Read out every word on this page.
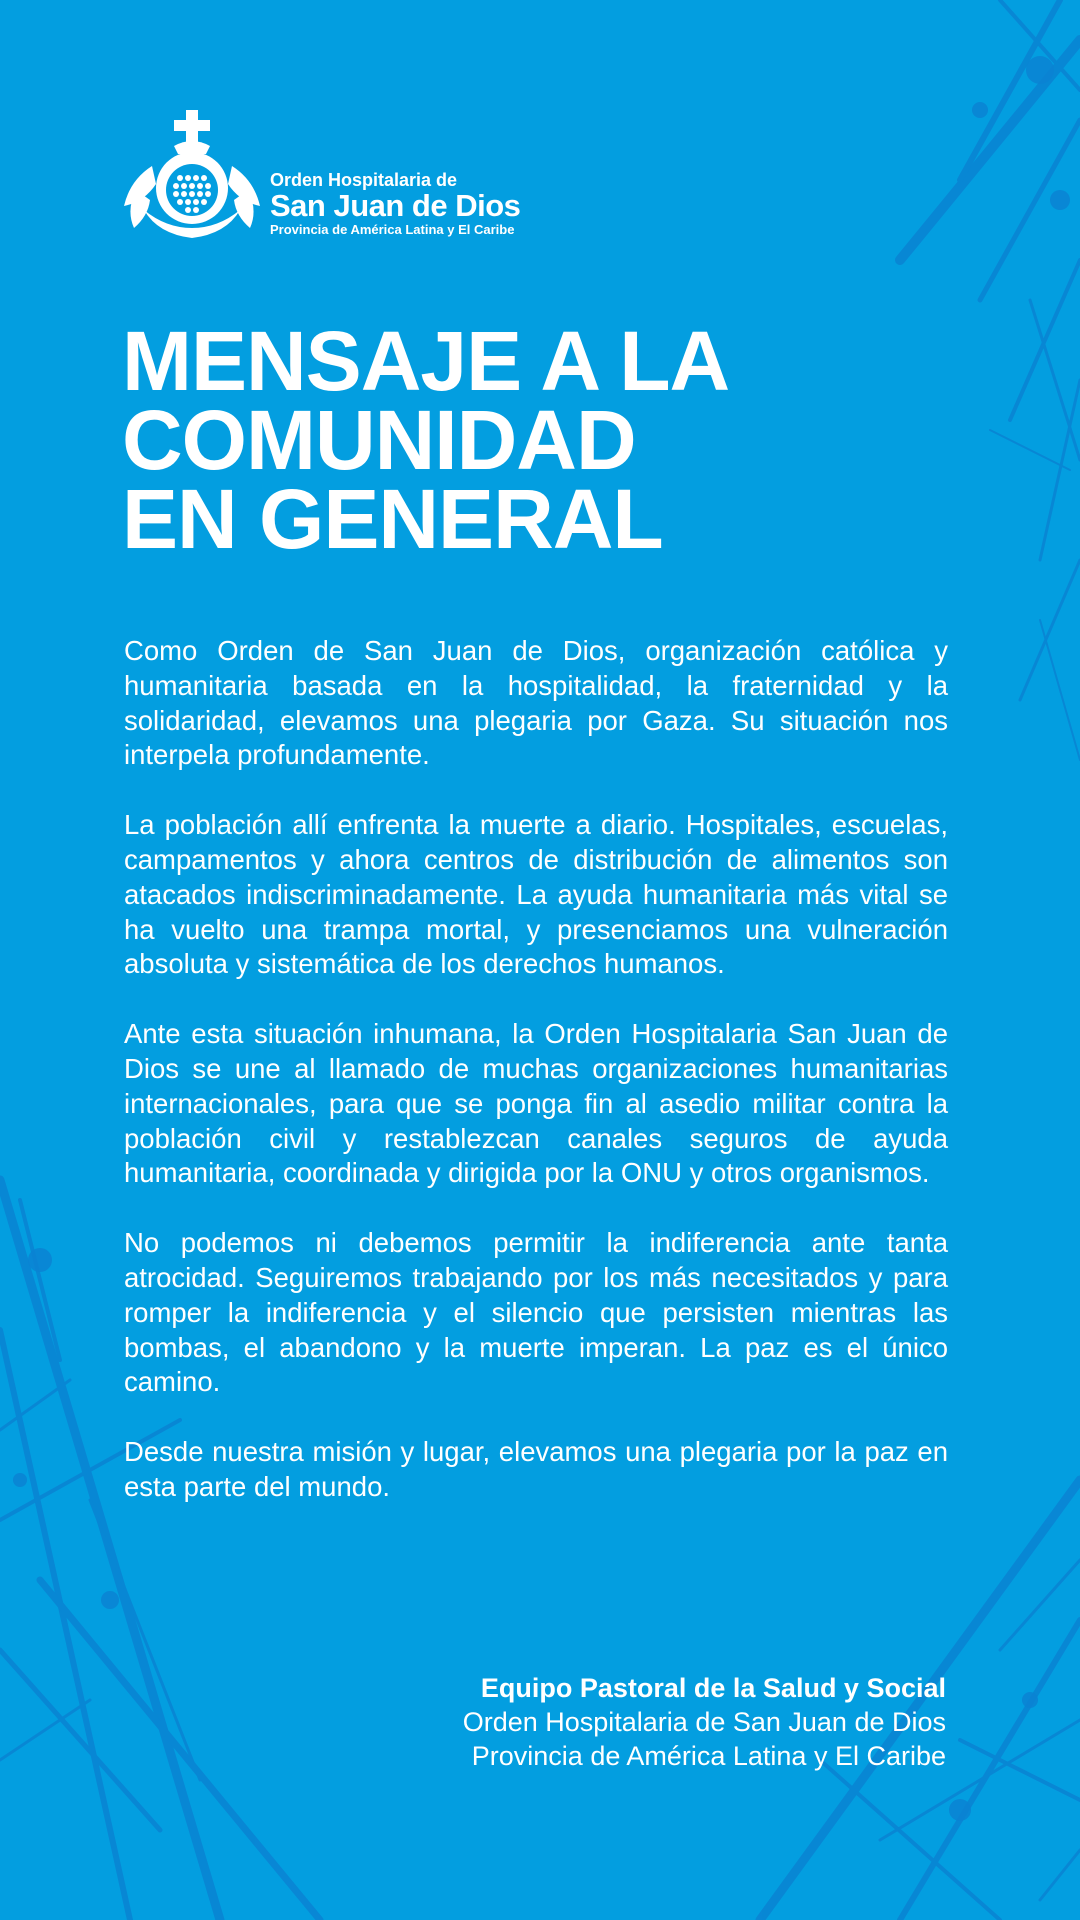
Orden Hospitalaria de
San Juan de Dios
Provincia de América Latina y El Caribe
MENSAJE A LA
COMUNIDAD
EN GENERAL

Como Orden de San Juan de Dios, organización católica y humanitaria basada en la hospitalidad, la fraternidad y la solidaridad, elevamos una plegaria por Gaza. Su situación nos interpela profundamente.

La población allí enfrenta la muerte a diario. Hospitales, escuelas, campamentos y ahora centros de distribución de alimentos son atacados indiscriminadamente. La ayuda humanitaria más vital se ha vuelto una trampa mortal, y presenciamos una vulneración absoluta y sistemática de los derechos humanos.

Ante esta situación inhumana, la Orden Hospitalaria San Juan de Dios se une al llamado de muchas organizaciones humanitarias internacionales, para que se ponga fin al asedio militar contra la población civil y restablezcan canales seguros de ayuda humanitaria, coordinada y dirigida por la ONU y otros organismos.

No podemos ni debemos permitir la indiferencia ante tanta atrocidad. Seguiremos trabajando por los más necesitados y para romper la indiferencia y el silencio que persisten mientras las bombas, el abandono y la muerte imperan. La paz es el único camino.

Desde nuestra misión y lugar, elevamos una plegaria por la paz en esta parte del mundo.

Equipo Pastoral de la Salud y Social
Orden Hospitalaria de San Juan de Dios
Provincia de América Latina y El Caribe
